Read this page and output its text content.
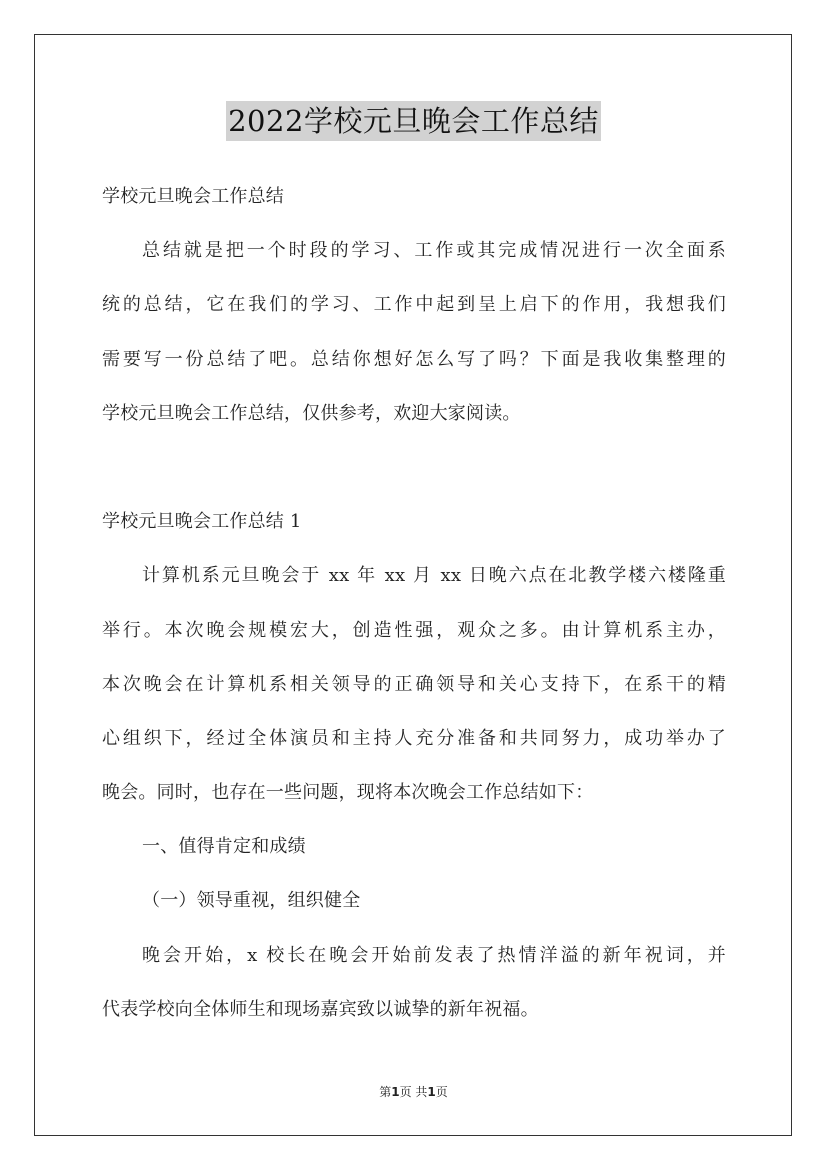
2022学校元旦晚会工作总结
学校元旦晚会工作总结
总结就是把一个时段的学习、工作或其完成情况进行一次全面系
统的总结，它在我们的学习、工作中起到呈上启下的作用，我想我们
需要写一份总结了吧。总结你想好怎么写了吗？下面是我收集整理的
学校元旦晚会工作总结，仅供参考，欢迎大家阅读。
学校元旦晚会工作总结 1
计算机系元旦晚会于 xx 年 xx 月 xx 日晚六点在北教学楼六楼隆重
举行。本次晚会规模宏大，创造性强，观众之多。由计算机系主办，
本次晚会在计算机系相关领导的正确领导和关心支持下，在系干的精
心组织下，经过全体演员和主持人充分准备和共同努力，成功举办了
晚会。同时，也存在一些问题，现将本次晚会工作总结如下：
一、值得肯定和成绩
（一）领导重视，组织健全
晚会开始，x 校长在晚会开始前发表了热情洋溢的新年祝词，并
代表学校向全体师生和现场嘉宾致以诚挚的新年祝福。
第1页 共1页
